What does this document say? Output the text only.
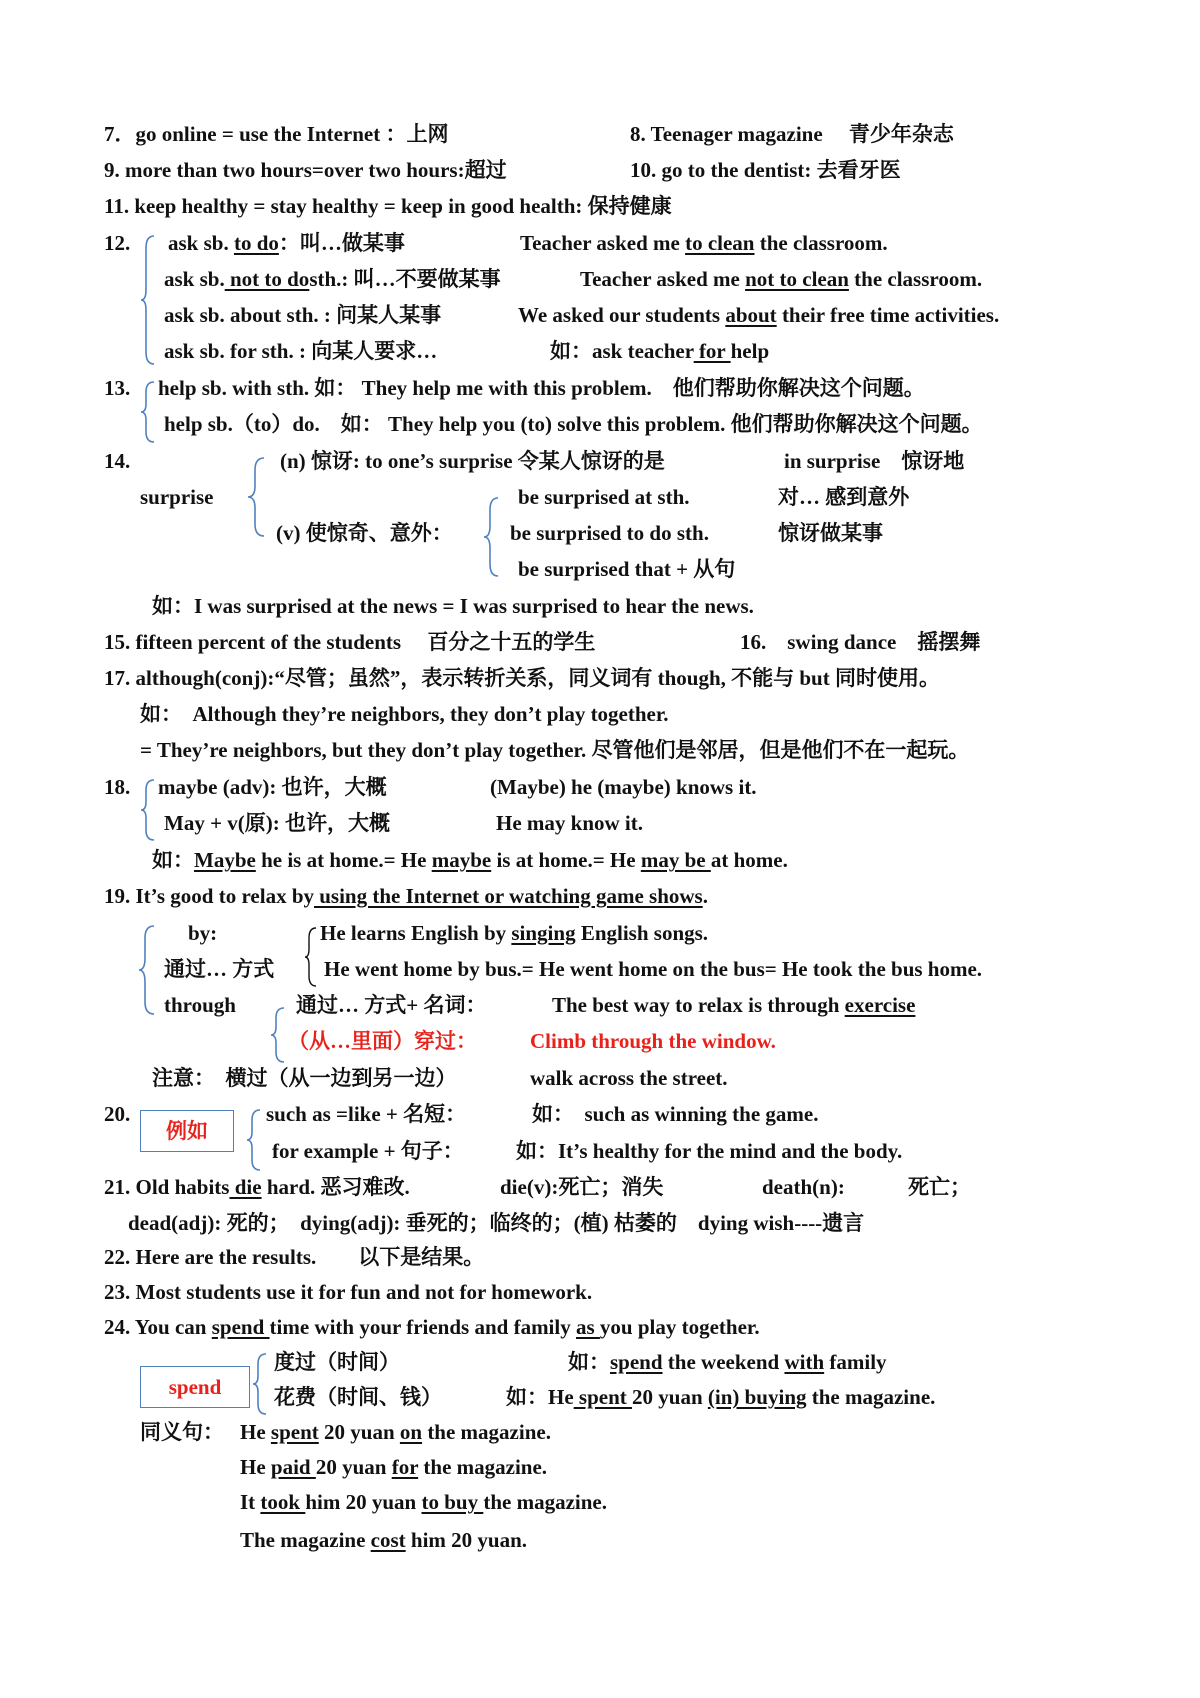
7．go online = use the Internet ：上网	8. Teenager magazine　 青少年杂志
9. more than two hours=over two hours:超过	10. go to the dentist: 去看牙医
11. keep healthy = stay healthy = keep in good health: 保持健康
12. ask sb. to do：叫…做某事	Teacher asked me to clean the classroom.
ask sb. not to dosth.: 叫…不要做某事	Teacher asked me not to clean the classroom.
ask sb. about sth. : 问某人某事	We asked our students about their free time activities.
ask sb. for sth. : 向某人要求…	如：ask teacher for help
13. help sb. with sth. 如： They help me with this problem.　他们帮助你解决这个问题。
help sb.（to）do.　如： They help you (to) solve this problem. 他们帮助你解决这个问题。
14.
surprise
(n) 惊讶: to one’s surprise 令某人惊讶的是	in surprise　惊讶地
(v) 使惊奇、意外：
be surprised at sth.	对… 感到意外
be surprised to do sth.	惊讶做某事
be surprised that + 从句
如：I was surprised at the news = I was surprised to hear the news.
15. fifteen percent of the students　 百分之十五的学生	16.　swing dance　摇摆舞
17. although(conj):“尽管；虽然”，表示转折关系，同义词有 though, 不能与 but 同时使用。
如：　Although they’re neighbors, they don’t play together.
= They’re neighbors, but they don’t play together. 尽管他们是邻居，但是他们不在一起玩。
18. maybe (adv): 也许，大概	(Maybe) he (maybe) knows it.
May + v(原): 也许，大概	He may know it.
如：Maybe he is at home.= He maybe is at home.= He may be at home.
19. It’s good to relax by using the Internet or watching game shows.
by:	He learns English by singing English songs.
通过… 方式 He went home by bus.= He went home on the bus= He took the bus home.
through	通过… 方式+ 名词：	The best way to relax is through exercise
（从…里面）穿过：	Climb through the window.
注意：　横过（从一边到另一边）	walk across the street.
20.
例如
such as =like + 名短：	如：　such as winning the game.
for example + 句子： 如：It’s healthy for the mind and the body.
21. Old habits die hard. 恶习难改.	die(v):死亡；消失	death(n):	死亡；
dead(adj): 死的；　dying(adj): 垂死的；临终的；(植) 枯萎的　dying wish----遗言
22. Here are the results.　　以下是结果。
23. Most students use it for fun and not for homework.
24. You can spend time with your friends and family as you play together.
spend
度过（时间）	如：spend the weekend with family
花费（时间、钱）	如：He spent 20 yuan (in) buying the magazine.
同义句： He spent 20 yuan on the magazine.
He paid 20 yuan for the magazine.
It took him 20 yuan to buy the magazine.
The magazine cost him 20 yuan.
